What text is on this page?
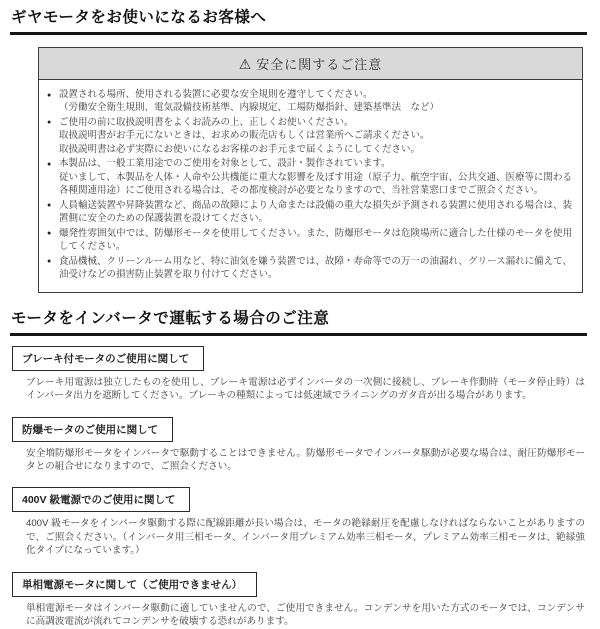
ギヤモータをお使いになるお客様へ
⚠ 安全に関するご注意
● 設置される場所、使用される装置に必要な安全規則を遵守してください。
（労働安全衛生規則、電気設備技術基準、内線規定、工場防爆指針、建築基準法　など）
● ご使用の前に取扱説明書をよくお読みの上、正しくお使いください。
取扱説明書がお手元にないときは、お求めの販売店もしくは営業所へご請求ください。
取扱説明書は必ず実際にお使いになるお客様のお手元まで届くようにしてください。
● 本製品は、一般工業用途でのご使用を対象として、設計・製作されています。
従いまして、本製品を人体・人命や公共機能に重大な影響を及ぼす用途（原子力、航空宇宙、公共交通、医療等に関わる各種関連用途）にご使用される場合は、その都度検討が必要となりますので、当社営業窓口までご照会ください。
● 人員輸送装置や昇降装置など、商品の故障により人命または設備の重大な損失が予測される装置に使用される場合は、装置側に安全のための保護装置を設けてください。
● 爆発性雰囲気中では、防爆形モータを使用してください。また、防爆形モータは危険場所に適合した仕様のモータを使用してください。
● 食品機械、クリーンルーム用など、特に油気を嫌う装置では、故障・寿命等での万一の油漏れ、グリース漏れに備えて、油受けなどの損害防止装置を取り付けてください。
モータをインバータで運転する場合のご注意
ブレーキ付モータのご使用に関して
ブレーキ用電源は独立したものを使用し、ブレーキ電源は必ずインバータの一次側に接続し、ブレーキ作動時（モータ停止時）はインバータ出力を遮断してください。ブレーキの種類によっては低速域でライニングのガタ音が出る場合があります。
防爆モータのご使用に関して
安全増防爆形モータをインバータで駆動することはできません。防爆形モータでインバータ駆動が必要な場合は、耐圧防爆形モータとの組合せになりますので、ご照会ください。
400V 級電源でのご使用に関して
400V 級モータをインバータ駆動する際に配線距離が長い場合は、モータの絶縁耐圧を配慮しなければならないことがありますので、ご照会ください。（インバータ用三相モータ、インバータ用プレミアム効率三相モータ、プレミアム効率三相モータは、絶縁強化タイプになっています。）
単相電源モータに関して（ご使用できません）
単相電源モータはインバータ駆動に適していませんので、ご使用できません。コンデンサを用いた方式のモータでは、コンデンサに高調波電流が流れてコンデンサを破壊する恐れがあります。
